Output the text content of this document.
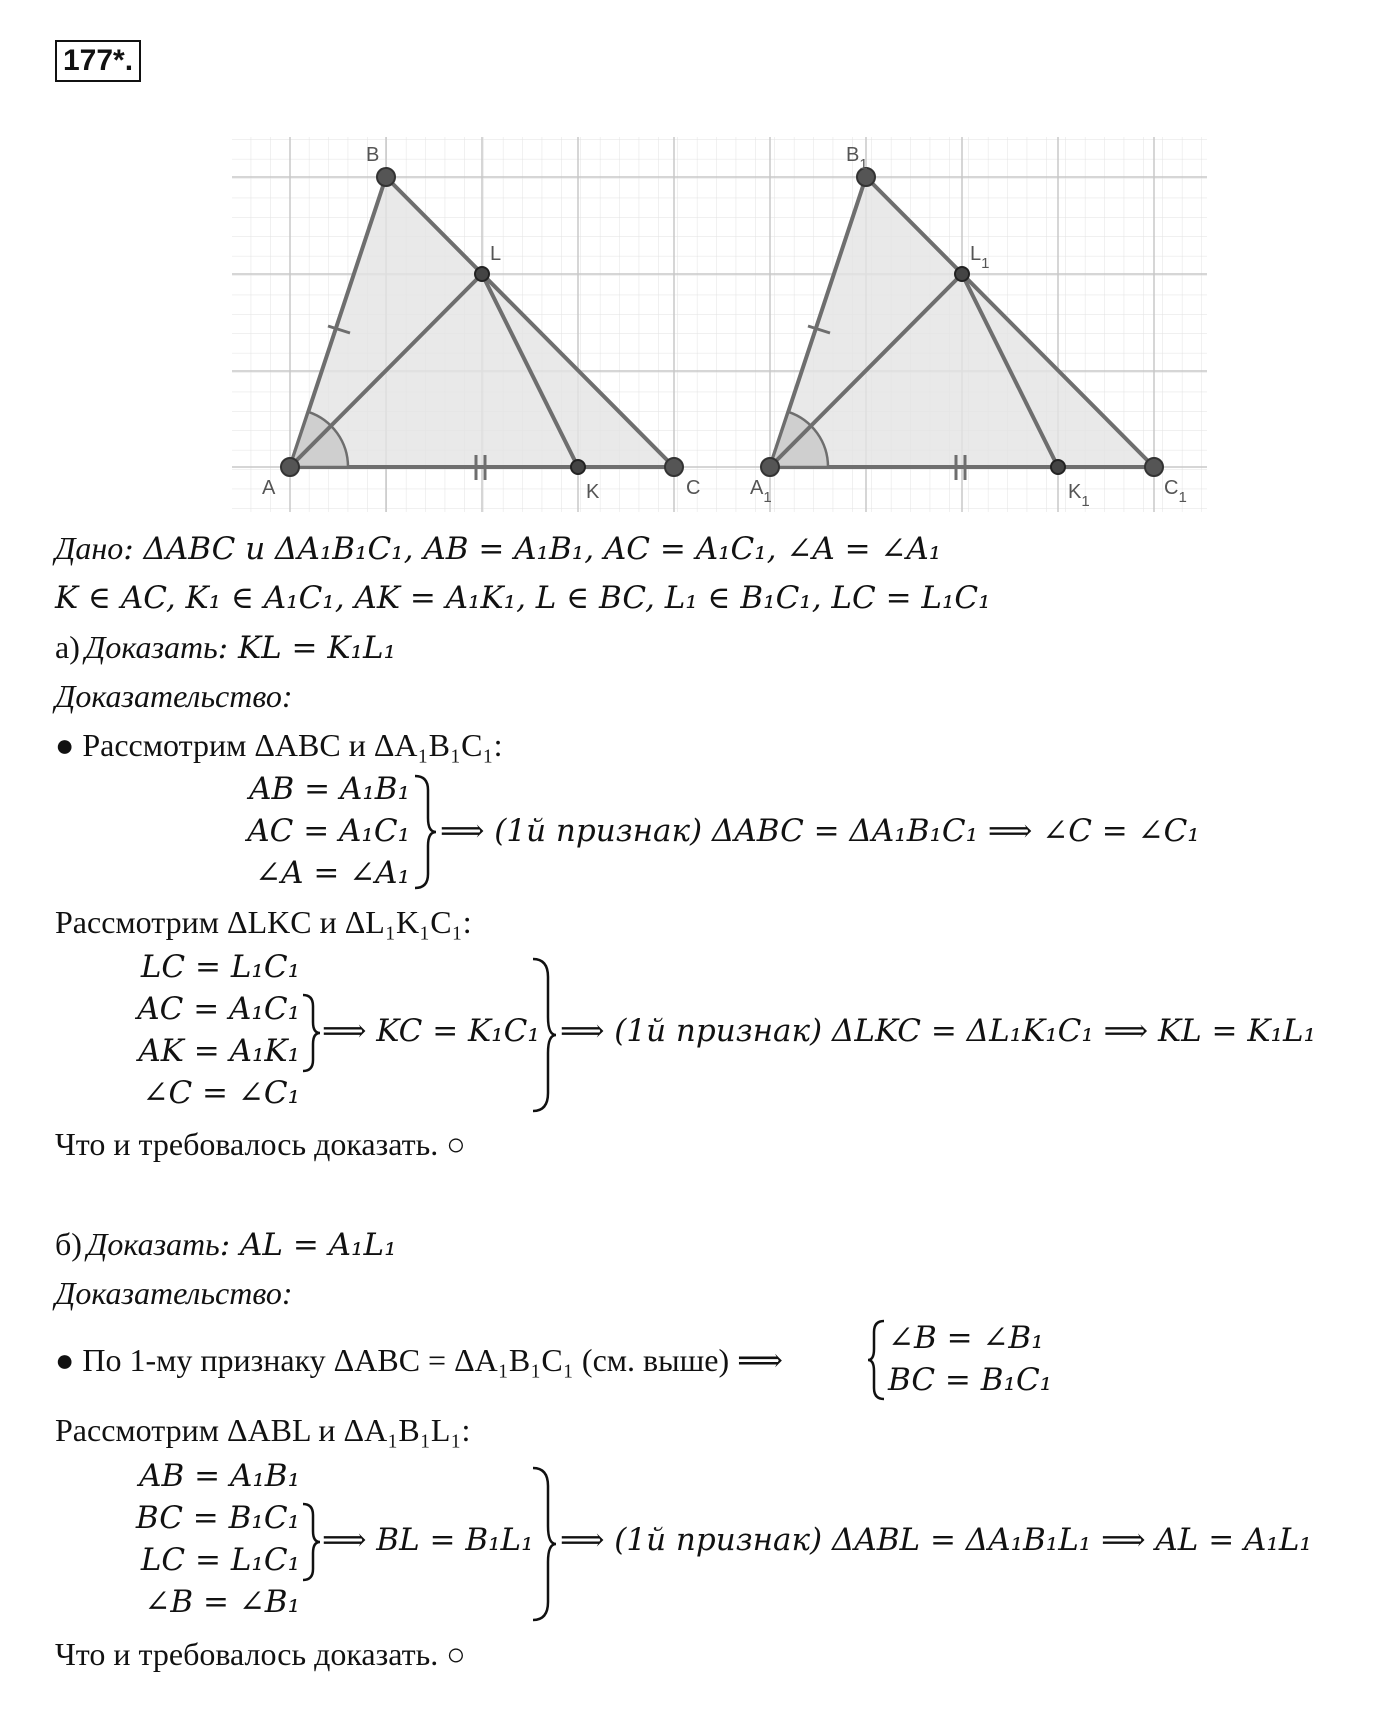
177*.
A
B
C
K
L
$A_1$
$B_1$
$C_1$
$K_1$
$L_1$
Дано: ΔABC и ΔA₁B₁C₁, AB = A₁B₁, AC = A₁C₁, ∠A = ∠A₁
K ∈ AC, K₁ ∈ A₁C₁, AK = A₁K₁, L ∈ BC, L₁ ∈ B₁C₁, LC = L₁C₁
а) Доказать: KL = K₁L₁
Доказательство:
● Рассмотрим ΔABC и ΔA₁B₁C₁:
AB = A₁B₁
AC = A₁C₁
∠A = ∠A₁
⟹ (1й признак) ΔABC = ΔA₁B₁C₁ ⟹ ∠C = ∠C₁
Рассмотрим ΔLKC и ΔL₁K₁C₁:
LC = L₁C₁
AC = A₁C₁
AK = A₁K₁
∠C = ∠C₁
⟹ KC = K₁C₁ ⟹ (1й признак) ΔLKC = ΔL₁K₁C₁ ⟹ KL = K₁L₁
Что и требовалось доказать. ○
б) Доказать: AL = A₁L₁
Доказательство:
● По 1-му признаку ΔABC = ΔA₁B₁C₁ (см. выше) ⟹
∠B = ∠B₁
BC = B₁C₁
Рассмотрим ΔABL и ΔA₁B₁L₁:
AB = A₁B₁
BC = B₁C₁
LC = L₁C₁
∠B = ∠B₁
⟹ BL = B₁L₁ ⟹ (1й признак) ΔABL = ΔA₁B₁L₁ ⟹ AL = A₁L₁
Что и требовалось доказать. ○
